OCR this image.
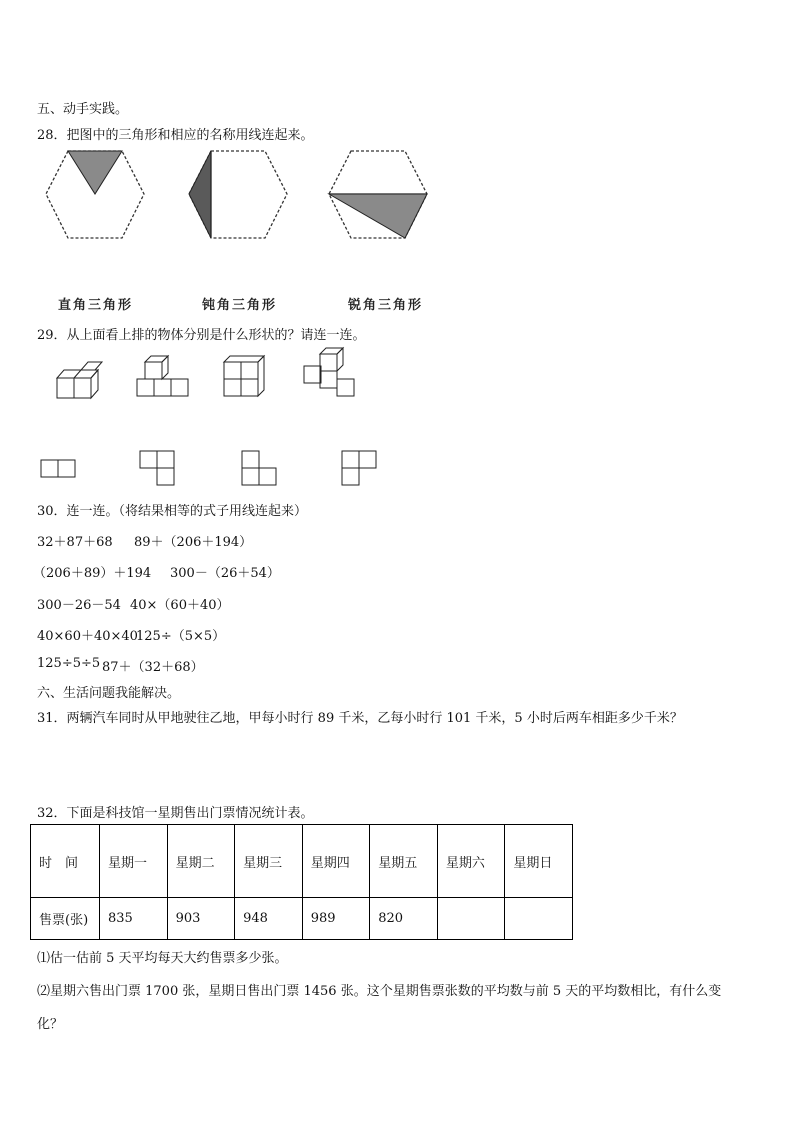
五、动手实践。
28．把图中的三角形和相应的名称用线连起来。
直角三角形	钝角三角形	锐角三角形
29．从上面看上排的物体分别是什么形状的？请连一连。
30．连一连。（将结果相等的式子用线连起来）
32＋87＋68 89＋（206＋194）
（206＋89）＋194 300－（26＋54）
300－26－54 40×（60＋40）
40×60＋40×40
125÷（5×5）
125÷5÷5 87＋（32＋68）
六、生活问题我能解决。
31．两辆汽车同时从甲地驶往乙地，甲每小时行 89 千米，乙每小时行 101 千米，5 小时后两车相距多少千米？
32．下面是科技馆一星期售出门票情况统计表。
时　间	星期一	星期二	星期三	星期四	星期五	星期六	星期日
售票(张)	835	903	948	989	820		
⑴估一估前 5 天平均每天大约售票多少张。
⑵星期六售出门票 1700 张，星期日售出门票 1456 张。这个星期售票张数的平均数与前 5 天的平均数相比，有什么变
化？
